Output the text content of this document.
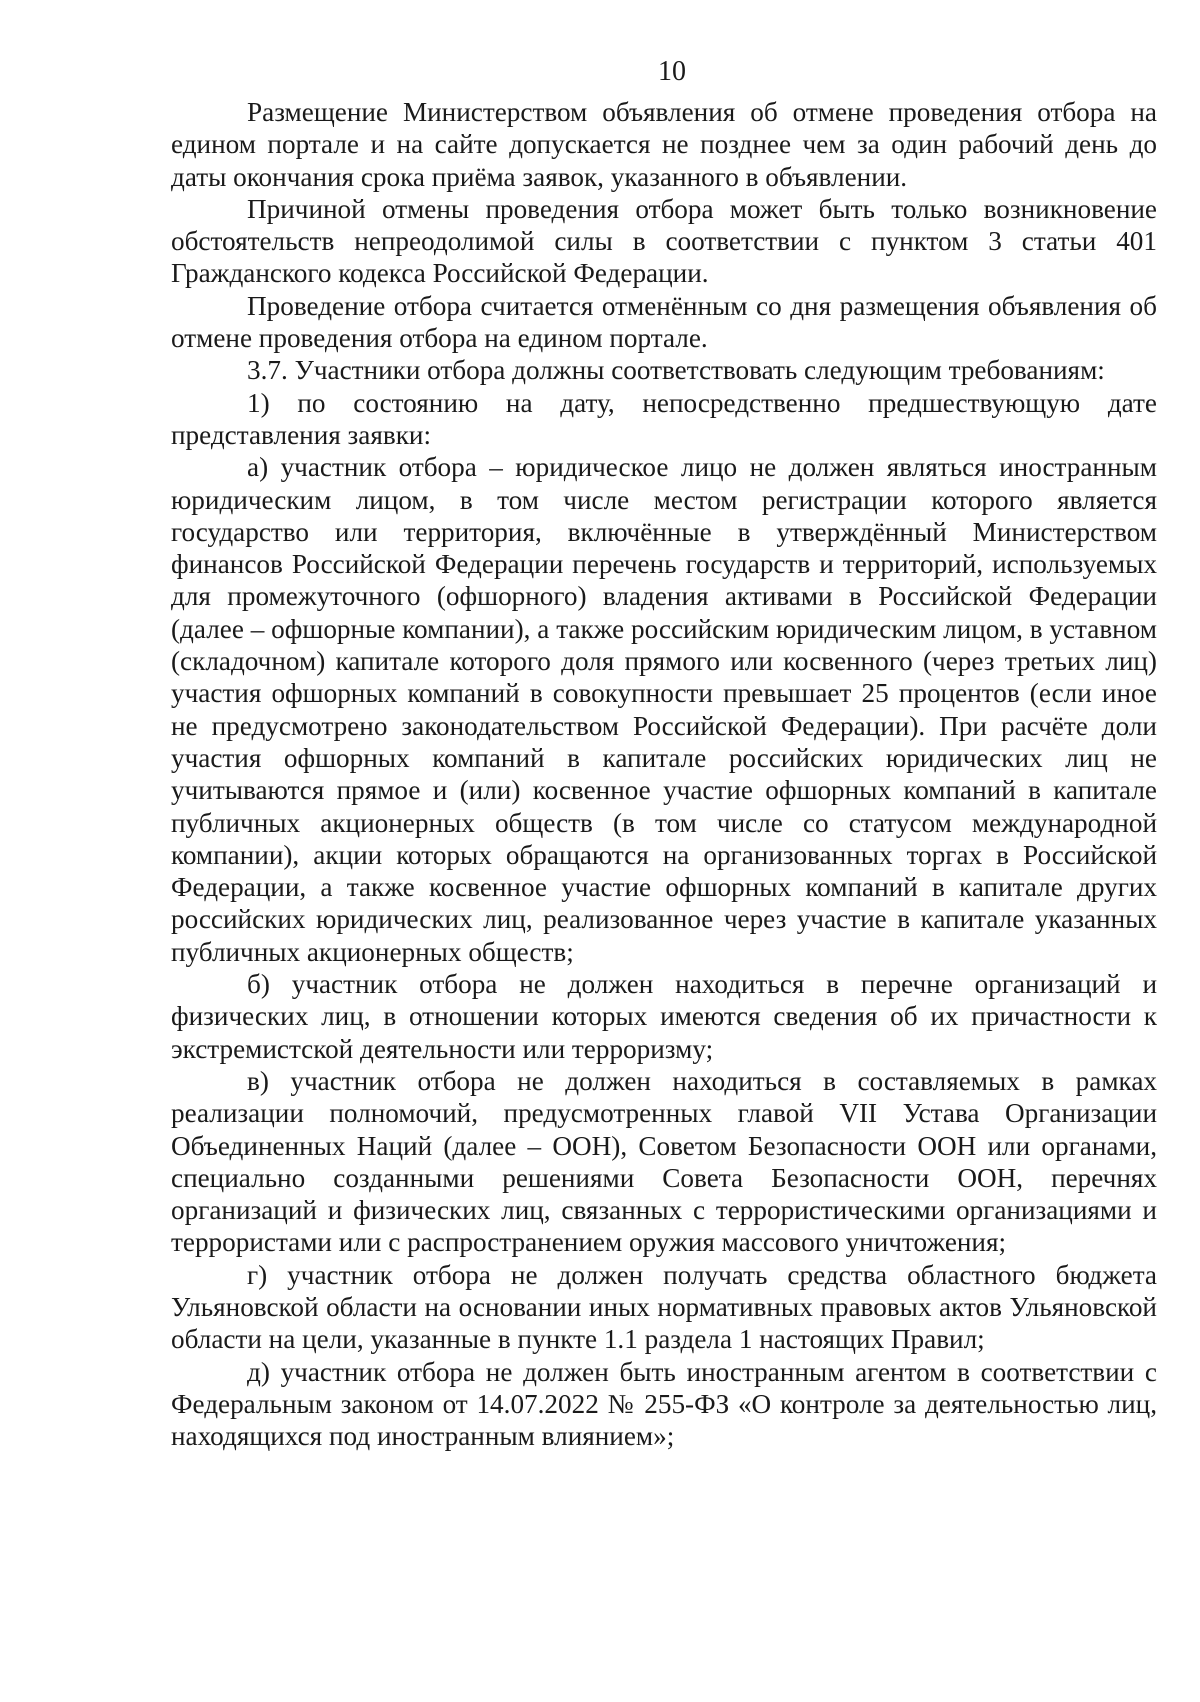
10

Размещение Министерством объявления об отмене проведения отбора на едином портале и на сайте допускается не позднее чем за один рабочий день до даты окончания срока приёма заявок, указанного в объявлении.

Причиной отмены проведения отбора может быть только возникновение обстоятельств непреодолимой силы в соответствии с пунктом 3 статьи 401 Гражданского кодекса Российской Федерации.

Проведение отбора считается отменённым со дня размещения объявления об отмене проведения отбора на едином портале.

3.7. Участники отбора должны соответствовать следующим требованиям:

1) по состоянию на дату, непосредственно предшествующую дате представления заявки:

а) участник отбора – юридическое лицо не должен являться иностранным юридическим лицом, в том числе местом регистрации которого является государство или территория, включённые в утверждённый Министерством финансов Российской Федерации перечень государств и территорий, используемых для промежуточного (офшорного) владения активами в Российской Федерации (далее – офшорные компании), а также российским юридическим лицом, в уставном (складочном) капитале которого доля прямого или косвенного (через третьих лиц) участия офшорных компаний в совокупности превышает 25 процентов (если иное не предусмотрено законодательством Российской Федерации). При расчёте доли участия офшорных компаний в капитале российских юридических лиц не учитываются прямое и (или) косвенное участие офшорных компаний в капитале публичных акционерных обществ (в том числе со статусом международной компании), акции которых обращаются на организованных торгах в Российской Федерации, а также косвенное участие офшорных компаний в капитале других российских юридических лиц, реализованное через участие в капитале указанных публичных акционерных обществ;

б) участник отбора не должен находиться в перечне организаций и физических лиц, в отношении которых имеются сведения об их причастности к экстремистской деятельности или терроризму;

в) участник отбора не должен находиться в составляемых в рамках реализации полномочий, предусмотренных главой VII Устава Организации Объединенных Наций (далее – ООН), Советом Безопасности ООН или органами, специально созданными решениями Совета Безопасности ООН, перечнях организаций и физических лиц, связанных с террористическими организациями и террористами или с распространением оружия массового уничтожения;

г) участник отбора не должен получать средства областного бюджета Ульяновской области на основании иных нормативных правовых актов Ульяновской области на цели, указанные в пункте 1.1 раздела 1 настоящих Правил;

д) участник отбора не должен быть иностранным агентом в соответствии с Федеральным законом от 14.07.2022 № 255-ФЗ «О контроле за деятельностью лиц, находящихся под иностранным влиянием»;
